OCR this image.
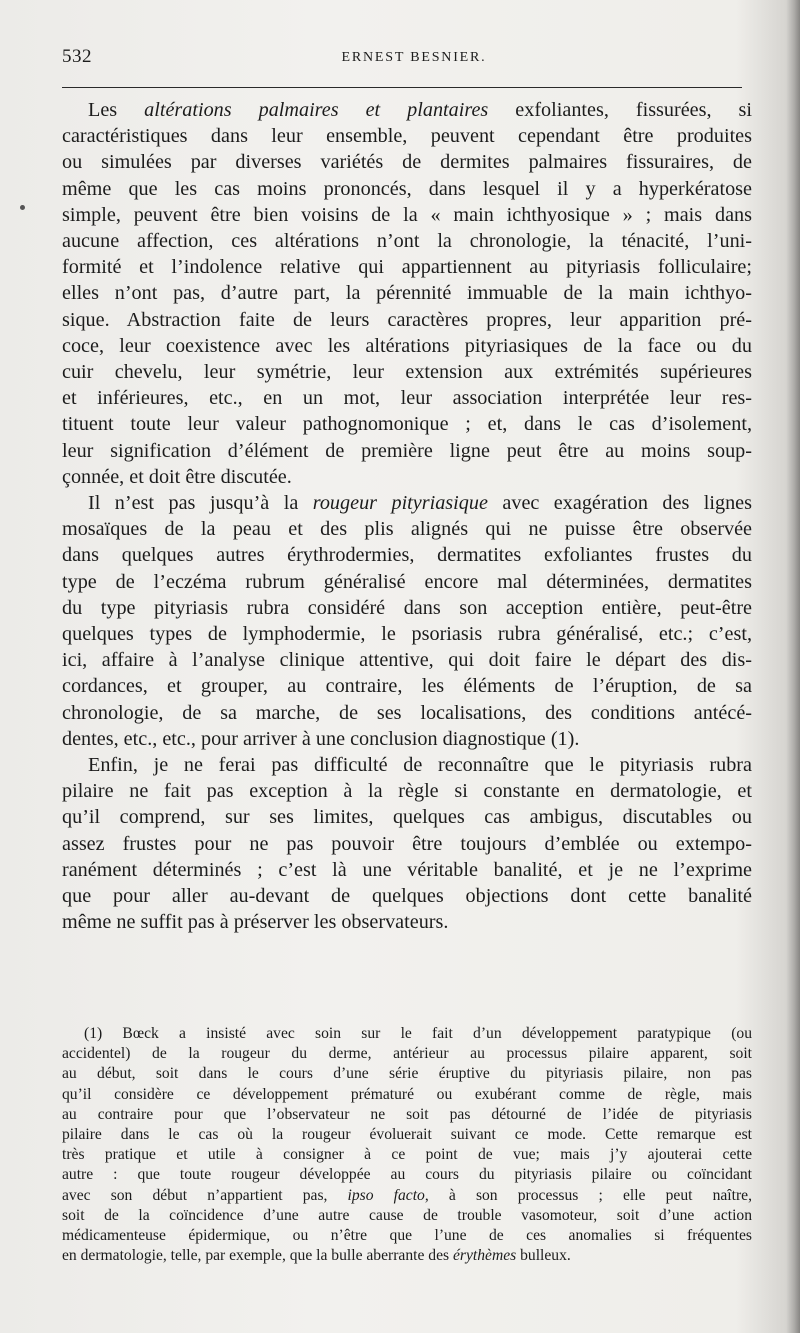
532	ERNEST BESNIER.

Les altérations palmaires et plantaires exfoliantes, fissurées, si
caractéristiques dans leur ensemble, peuvent cependant être produites
ou simulées par diverses variétés de dermites palmaires fissuraires, de
même que les cas moins prononcés, dans lesquel il y a hyperkératose
simple, peuvent être bien voisins de la « main ichthyosique » ; mais dans
aucune affection, ces altérations n’ont la chronologie, la ténacité, l’uni-
formité et l’indolence relative qui appartiennent au pityriasis folliculaire;
elles n’ont pas, d’autre part, la pérennité immuable de la main ichthyo-
sique. Abstraction faite de leurs caractères propres, leur apparition pré-
coce, leur coexistence avec les altérations pityriasiques de la face ou du
cuir chevelu, leur symétrie, leur extension aux extrémités supérieures
et inférieures, etc., en un mot, leur association interprétée leur res-
tituent toute leur valeur pathognomonique ; et, dans le cas d’isolement,
leur signification d’élément de première ligne peut être au moins soup-
çonnée, et doit être discutée.

Il n’est pas jusqu’à la rougeur pityriasique avec exagération des lignes
mosaïques de la peau et des plis alignés qui ne puisse être observée
dans quelques autres érythrodermies, dermatites exfoliantes frustes du
type de l’eczéma rubrum généralisé encore mal déterminées, dermatites
du type pityriasis rubra considéré dans son acception entière, peut-être
quelques types de lymphodermie, le psoriasis rubra généralisé, etc.; c’est,
ici, affaire à l’analyse clinique attentive, qui doit faire le départ des dis-
cordances, et grouper, au contraire, les éléments de l’éruption, de sa
chronologie, de sa marche, de ses localisations, des conditions antécé-
dentes, etc., etc., pour arriver à une conclusion diagnostique (1).

Enfin, je ne ferai pas difficulté de reconnaître que le pityriasis rubra
pilaire ne fait pas exception à la règle si constante en dermatologie, et
qu’il comprend, sur ses limites, quelques cas ambigus, discutables ou
assez frustes pour ne pas pouvoir être toujours d’emblée ou extempo-
ranément déterminés ; c’est là une véritable banalité, et je ne l’exprime
que pour aller au-devant de quelques objections dont cette banalité
même ne suffit pas à préserver les observateurs.

(1) Bœck a insisté avec soin sur le fait d’un développement paratypique (ou
accidentel) de la rougeur du derme, antérieur au processus pilaire apparent, soit
au début, soit dans le cours d’une série éruptive du pityriasis pilaire, non pas
qu’il considère ce développement prématuré ou exubérant comme de règle, mais
au contraire pour que l’observateur ne soit pas détourné de l’idée de pityriasis
pilaire dans le cas où la rougeur évoluerait suivant ce mode. Cette remarque est
très pratique et utile à consigner à ce point de vue; mais j’y ajouterai cette
autre : que toute rougeur développée au cours du pityriasis pilaire ou coïncidant
avec son début n’appartient pas, ipso facto, à son processus ; elle peut naître,
soit de la coïncidence d’une autre cause de trouble vasomoteur, soit d’une action
médicamenteuse épidermique, ou n’être que l’une de ces anomalies si fréquentes
en dermatologie, telle, par exemple, que la bulle aberrante des érythèmes bulleux.
